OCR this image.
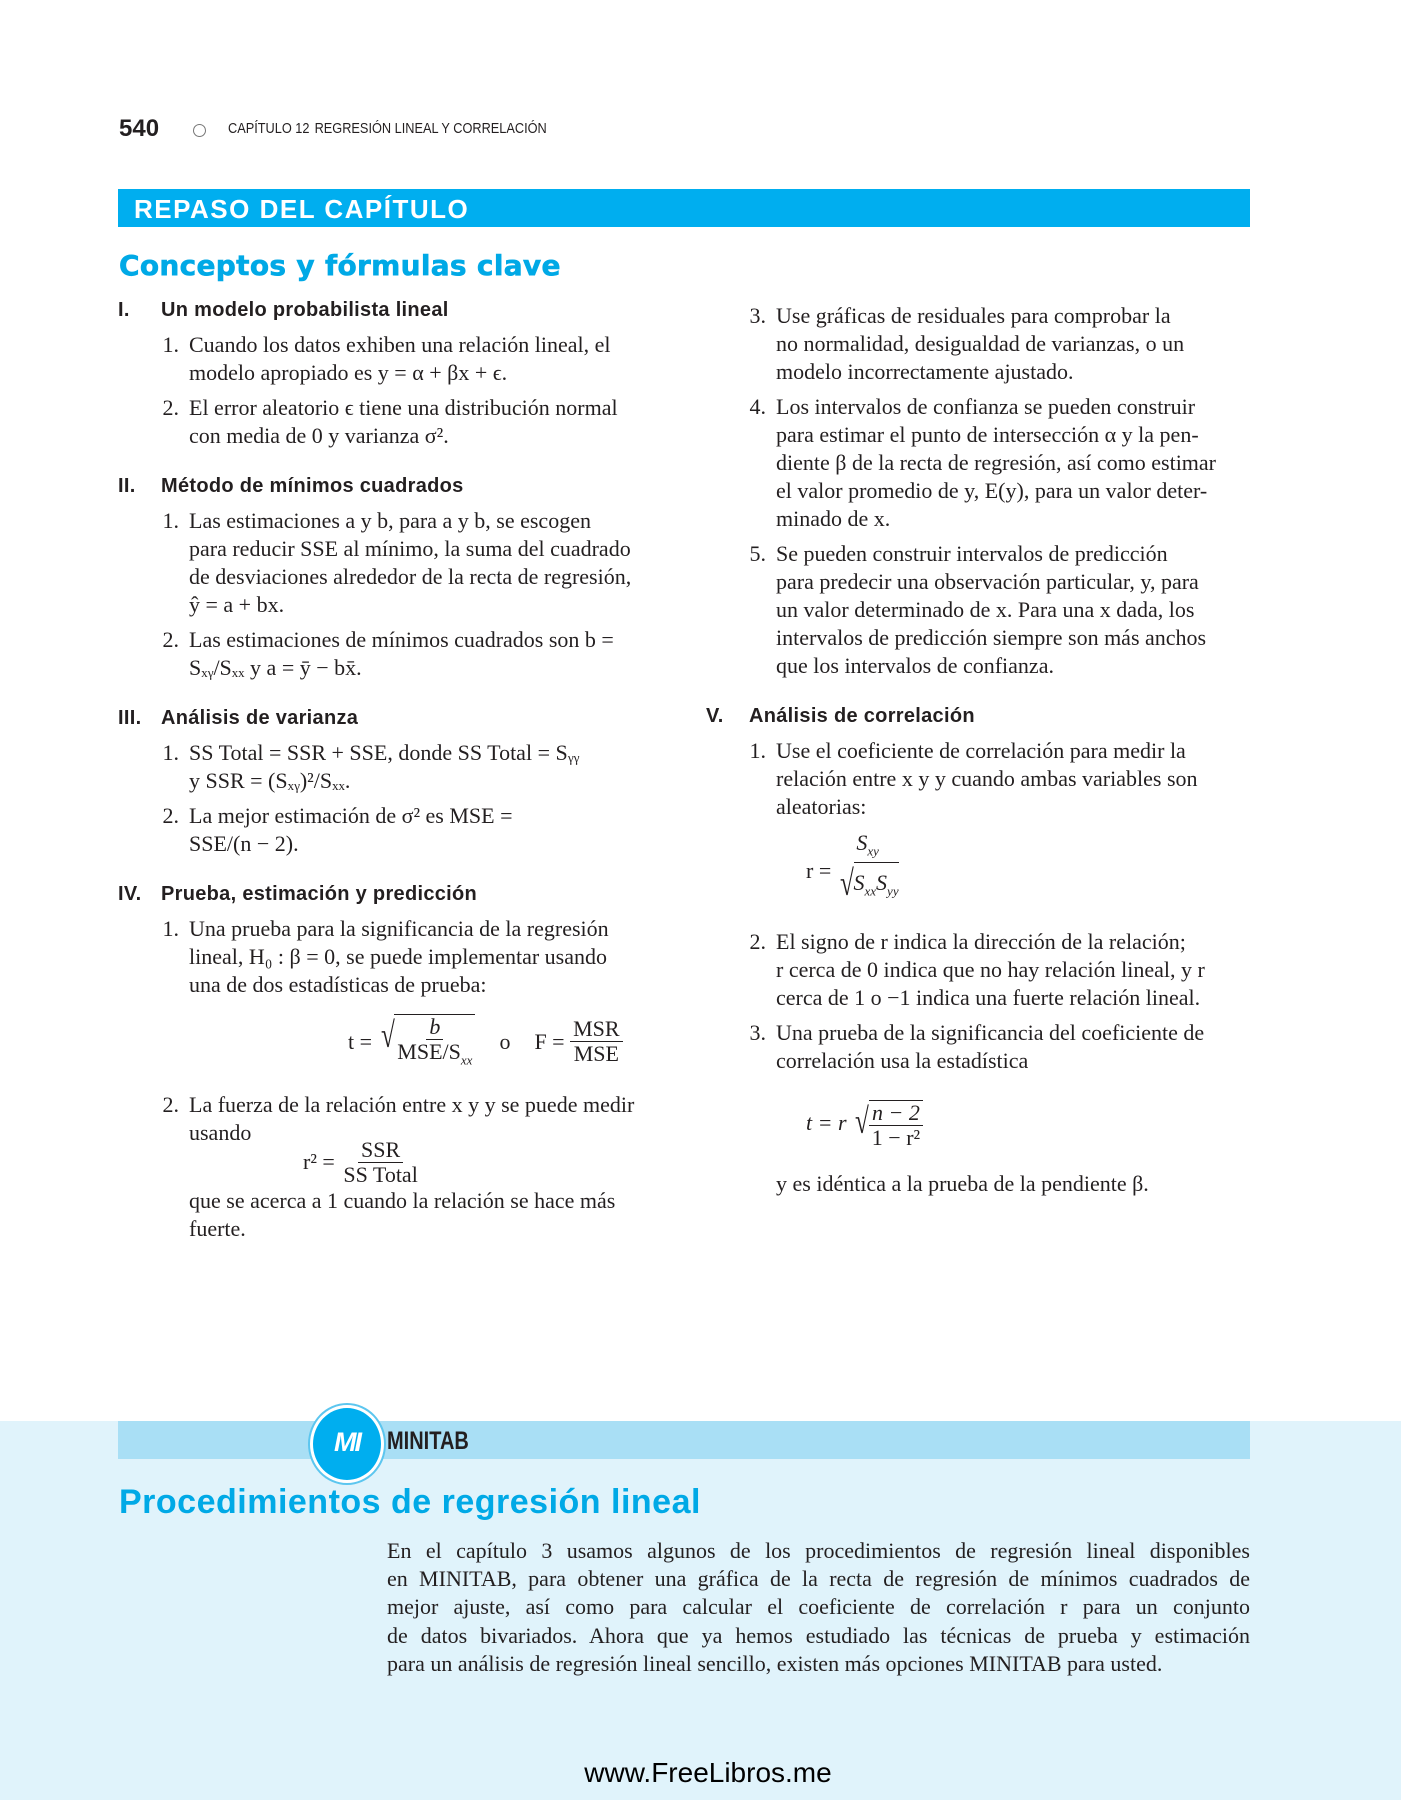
540	CAPÍTULO 12 REGRESIÓN LINEAL Y CORRELACIÓN
REPASO DEL CAPÍTULO
Conceptos y fórmulas clave
I.	Un modelo probabilista lineal
1. Cuando los datos exhiben una relación lineal, el
modelo apropiado es y = α + βx + ϵ.
2. El error aleatorio ϵ tiene una distribución normal
con media de 0 y varianza σ².
II.	Método de mínimos cuadrados
1. Las estimaciones a y b, para a y b, se escogen
para reducir SSE al mínimo, la suma del cuadrado
de desviaciones alrededor de la recta de regresión,
ŷ = a + bx.
2. Las estimaciones de mínimos cuadrados son b =
Sₓᵧ/Sₓₓ y a = ȳ − bx̄.
III. Análisis de varianza
1. SS Total = SSR + SSE, donde SS Total = Sᵧᵧ
y SSR = (Sₓᵧ)²/Sₓₓ.
2. La mejor estimación de σ² es MSE =
SSE/(n − 2).
IV. Prueba, estimación y predicción
1. Una prueba para la significancia de la regresión
lineal, H₀ : β = 0, se puede implementar usando
una de dos estadísticas de prueba:
t =
√ $\frac{b}{MSE/S_{xx}}$ o F =
$\frac{\text{MSR}}{\text{MSE}}$
2. La fuerza de la relación entre x y y se puede medir
usando
r² =
$\frac{\text{SSR}}{\text{SS Total}}$
que se acerca a 1 cuando la relación se hace más
fuerte.
3. Use gráficas de residuales para comprobar la
no normalidad, desigualdad de varianzas, o un
modelo incorrectamente ajustado.
4. Los intervalos de confianza se pueden construir
para estimar el punto de intersección α y la pen-
diente β de la recta de regresión, así como estimar
el valor promedio de y, E(y), para un valor deter-
minado de x.
5. Se pueden construir intervalos de predicción
para predecir una observación particular, y, para
un valor determinado de x. Para una x dada, los
intervalos de predicción siempre son más anchos
que los intervalos de confianza.
V.	Análisis de correlación
1. Use el coeficiente de correlación para medir la
relación entre x y y cuando ambas variables son
aleatorias:
r =

$S_{xy}$
√ $S_{xx}S_{yy}$
2. El signo de r indica la dirección de la relación;
r cerca de 0 indica que no hay relación lineal, y r
cerca de 1 o −1 indica una fuerte relación lineal.
3. Una prueba de la significancia del coeficiente de
correlación usa la estadística
t = r
√ $\frac{n - 2}{\text{1 − r²}}$
y es idéntica a la prueba de la pendiente β.
MI	MINITAB
Procedimientos de regresión lineal
En el capítulo 3 usamos algunos de los procedimientos de regresión lineal disponibles
en MINITAB, para obtener una gráfica de la recta de regresión de mínimos cuadrados de
mejor ajuste, así como para calcular el coeficiente de correlación r para un conjunto
de datos bivariados. Ahora que ya hemos estudiado las técnicas de prueba y estimación
para un análisis de regresión lineal sencillo, existen más opciones MINITAB para usted.
www.FreeLibros.me
